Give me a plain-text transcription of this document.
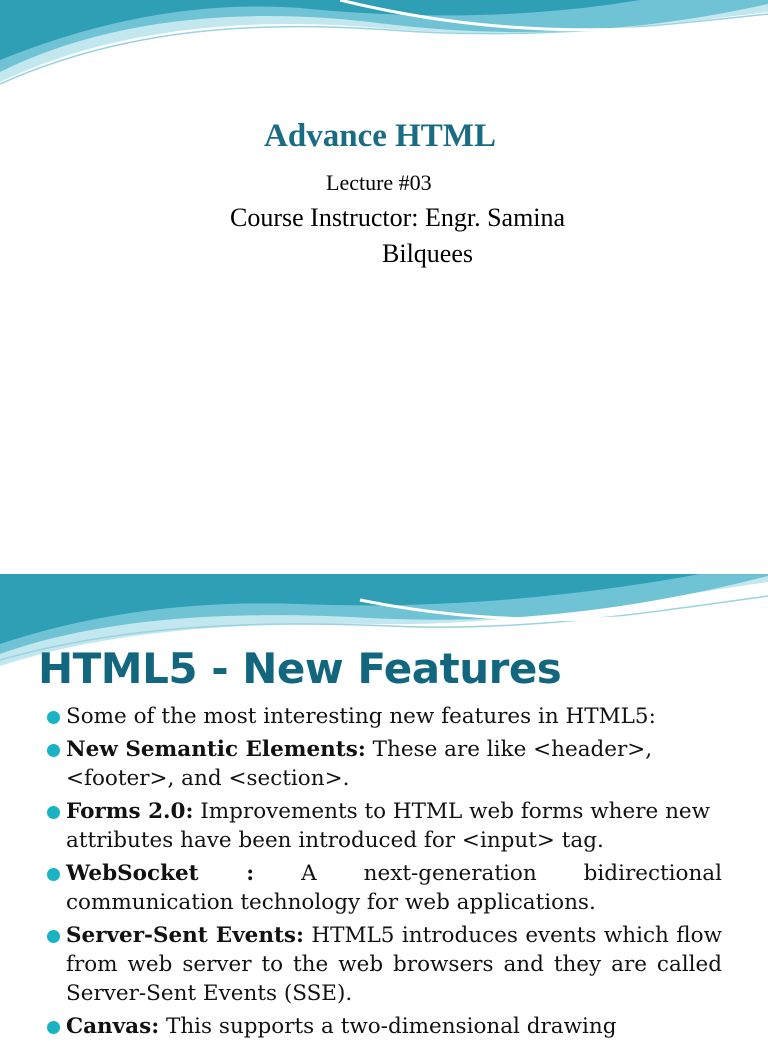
Advance HTML
Lecture #03
Course Instructor: Engr. Samina
Bilquees
HTML5 - New Features
Some of the most interesting new features in HTML5:
New Semantic Elements: These are like <header>, <footer>, and <section>.
Forms 2.0: Improvements to HTML web forms where new attributes have been introduced for <input> tag.
WebSocket : A next-generation bidirectional communication technology for web applications.
Server-Sent Events: HTML5 introduces events which flow from web server to the web browsers and they are called Server-Sent Events (SSE).
Canvas: This supports a two-dimensional drawing
